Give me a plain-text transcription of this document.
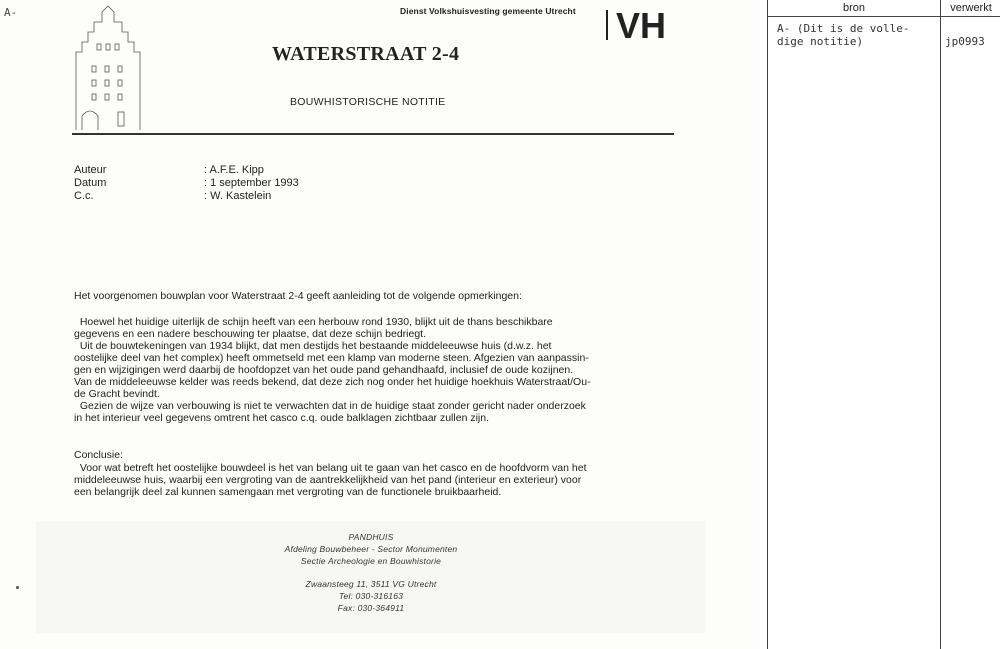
A-	Dienst Volkshuisvesting gemeente Utrecht VH
WATERSTRAAT 2-4
BOUWHISTORISCHE NOTITIE
Auteur	: A.F.E. Kipp
Datum	: 1 september 1993
C.c.	: W. Kastelein
Het voorgenomen bouwplan voor Waterstraat 2-4 geeft aanleiding tot de volgende opmerkingen:
Hoewel het huidige uiterlijk de schijn heeft van een herbouw rond 1930, blijkt uit de thans beschikbare
gegevens en een nadere beschouwing ter plaatse, dat deze schijn bedriegt.
Uit de bouwtekeningen van 1934 blijkt, dat men destijds het bestaande middeleeuwse huis (d.w.z. het
oostelijke deel van het complex) heeft ommetseld met een klamp van moderne steen. Afgezien van aanpassin-
gen en wijzigingen werd daarbij de hoofdopzet van het oude pand gehandhaafd, inclusief de oude kozijnen.
Van de middeleeuwse kelder was reeds bekend, dat deze zich nog onder het huidige hoekhuis Waterstraat/Ou-
de Gracht bevindt.
Gezien de wijze van verbouwing is niet te verwachten dat in de huidige staat zonder gericht nader onderzoek
in het interieur veel gegevens omtrent het casco c.q. oude balklagen zichtbaar zullen zijn.
Conclusie:
Voor wat betreft het oostelijke bouwdeel is het van belang uit te gaan van het casco en de hoofdvorm van het
middeleeuwse huis, waarbij een vergroting van de aantrekkelijkheid van het pand (interieur en exterieur) voor
een belangrijk deel zal kunnen samengaan met vergroting van de functionele bruikbaarheid.
PANDHUIS
Afdeling Bouwbeheer - Sector Monumenten
Sectie Archeologie en Bouwhistorie
Zwaansteeg 11, 3511 VG Utrecht
Tel: 030-316163
Fax: 030-364911
bron	verwerkt
A- (Dit is de volle-
dige notitie)	jp0993
